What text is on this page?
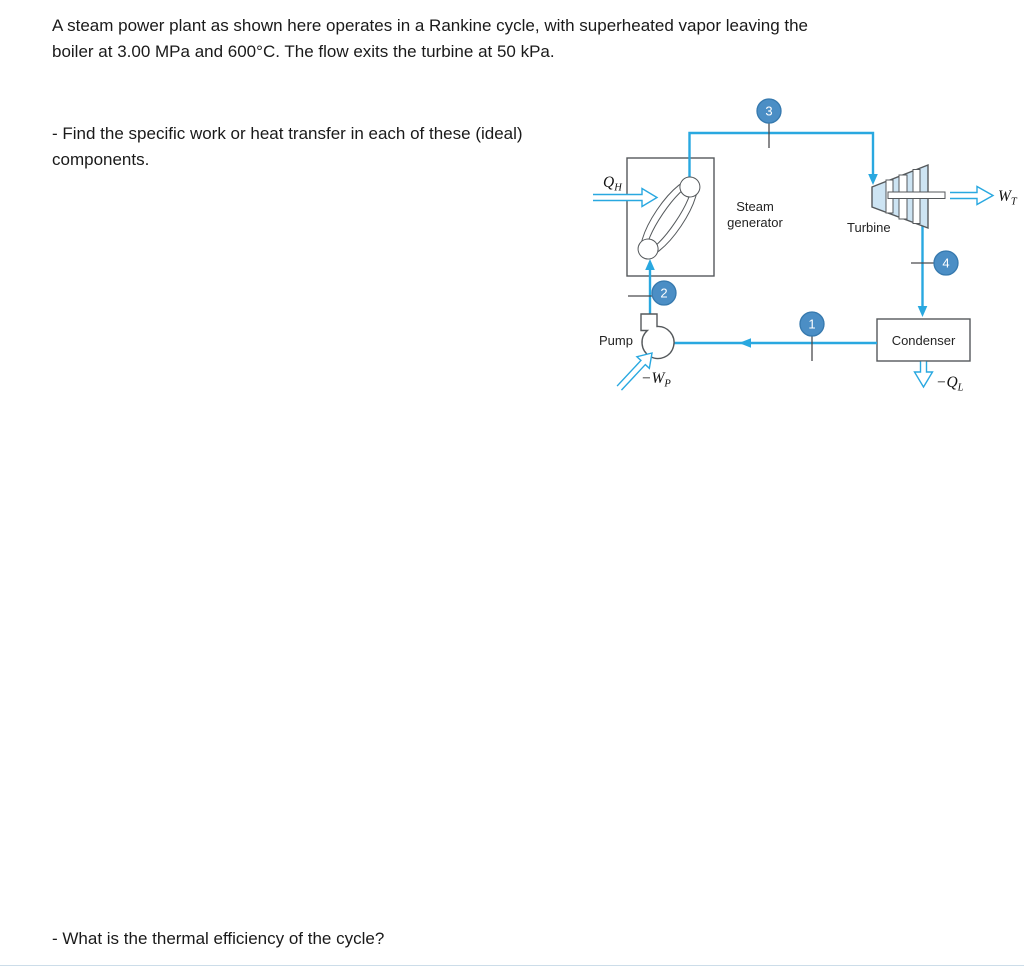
A steam power plant as shown here operates in a Rankine cycle, with superheated vapor leaving the
boiler at 3.00 MPa and 600°C. The flow exits the turbine at 50 kPa.
- Find the specific work or heat transfer in each of these (ideal)
components.
3
4
1
2
$Q_H$	$W_T$
$-W_P$	$-Q_L$
Steam
generator	Turbine
Condenser
Pump
- What is the thermal efficiency of the cycle?
